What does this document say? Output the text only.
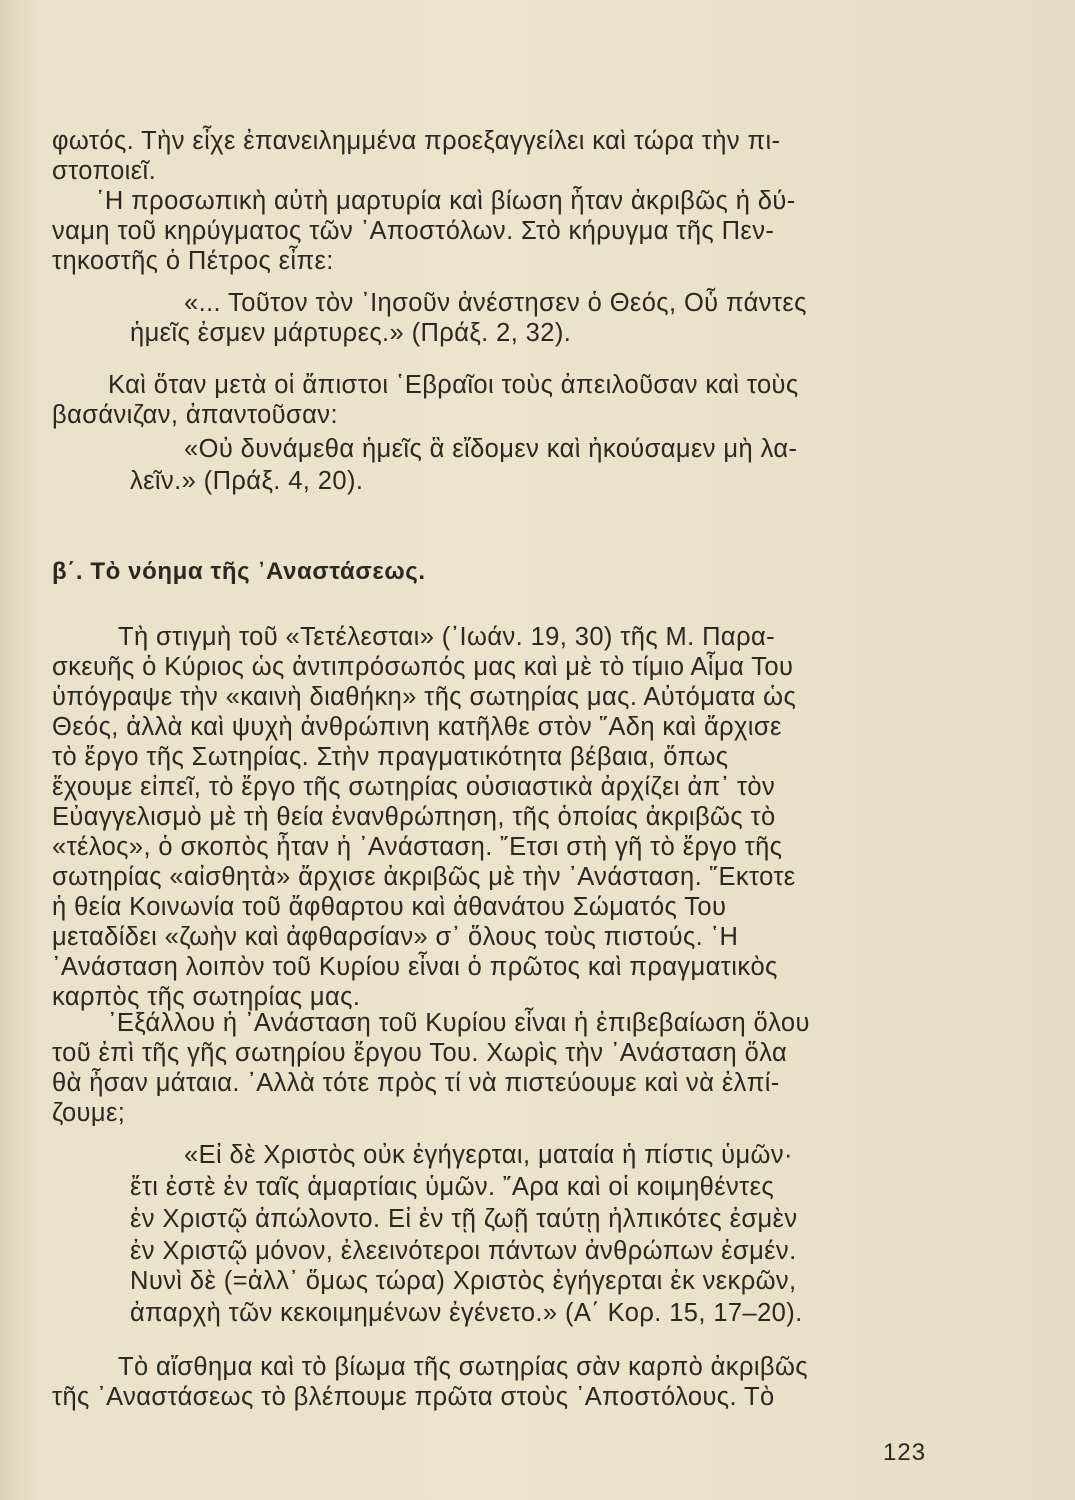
φωτός. Τὴν εἶχε ἐπανειλημμένα προεξαγγείλει καὶ τώρα τὴν πι-
στοποιεῖ.
῾Η προσωπικὴ αὐτὴ μαρτυρία καὶ βίωση ἦταν ἀκριβῶς ἡ δύ-
ναμη τοῦ κηρύγματος τῶν ᾿Αποστόλων. Στὸ κήρυγμα τῆς Πεν-
τηκοστῆς ὁ Πέτρος εἶπε:
«... Τοῦτον τὸν ᾿Ιησοῦν ἀνέστησεν ὁ Θεός, Οὗ πάντες
ἡμεῖς ἐσμεν μάρτυρες.» (Πράξ. 2, 32).
Καὶ ὅταν μετὰ οἱ ἄπιστοι ῾Εβραῖοι τοὺς ἀπειλοῦσαν καὶ τοὺς
βασάνιζαν, ἀπαντοῦσαν:
«Οὐ δυνάμεθα ἡμεῖς ἃ εἴδομεν καὶ ἠκούσαμεν μὴ λα-
λεῖν.» (Πράξ. 4, 20).
β΄. Τὸ νόημα τῆς ᾿Αναστάσεως.
Τὴ στιγμὴ τοῦ «Τετέλεσται» (᾿Ιωάν. 19, 30) τῆς Μ. Παρα-
σκευῆς ὁ Κύριος ὡς ἀντιπρόσωπός μας καὶ μὲ τὸ τίμιο Αἷμα Του
ὑπόγραψε τὴν «καινὴ διαθήκη» τῆς σωτηρίας μας. Αὐτόματα ὡς
Θεός, ἀλλὰ καὶ ψυχὴ ἀνθρώπινη κατῆλθε στὸν ῞Αδη καὶ ἄρχισε
τὸ ἔργο τῆς Σωτηρίας. Στὴν πραγματικότητα βέβαια, ὅπως
ἔχουμε εἰπεῖ, τὸ ἔργο τῆς σωτηρίας οὐσιαστικὰ ἀρχίζει ἀπ᾿ τὸν
Εὐαγγελισμὸ μὲ τὴ θεία ἐνανθρώπηση, τῆς ὁποίας ἀκριβῶς τὸ
«τέλος», ὁ σκοπὸς ἦταν ἡ ᾿Ανάσταση. ῎Ετσι στὴ γῆ τὸ ἔργο τῆς
σωτηρίας «αἰσθητὰ» ἄρχισε ἀκριβῶς μὲ τὴν ᾿Ανάσταση. ῞Εκτοτε
ἡ θεία Κοινωνία τοῦ ἄφθαρτου καὶ ἀθανάτου Σώματός Του
μεταδίδει «ζωὴν καὶ ἀφθαρσίαν» σ᾿ ὅλους τοὺς πιστούς. ῾Η
᾿Ανάσταση λοιπὸν τοῦ Κυρίου εἶναι ὁ πρῶτος καὶ πραγματικὸς
καρπὸς τῆς σωτηρίας μας.
᾿Εξάλλου ἡ ᾿Ανάσταση τοῦ Κυρίου εἶναι ἡ ἐπιβεβαίωση ὅλου
τοῦ ἐπὶ τῆς γῆς σωτηρίου ἔργου Του. Χωρὶς τὴν ᾿Ανάσταση ὅλα
θὰ ἦσαν μάταια. ᾿Αλλὰ τότε πρὸς τί νὰ πιστεύουμε καὶ νὰ ἐλπί-
ζουμε;
«Εἰ δὲ Χριστὸς οὐκ ἐγήγερται, ματαία ἡ πίστις ὑμῶν·
ἔτι ἐστὲ ἐν ταῖς ἁμαρτίαις ὑμῶν. ῎Αρα καὶ οἱ κοιμηθέντες
ἐν Χριστῷ ἀπώλοντο. Εἰ ἐν τῇ ζωῇ ταύτῃ ἠλπικότες ἐσμὲν
ἐν Χριστῷ μόνον, ἐλεεινότεροι πάντων ἀνθρώπων ἐσμέν.
Νυνὶ δὲ (=ἀλλ᾿ ὅμως τώρα) Χριστὸς ἐγήγερται ἐκ νεκρῶν,
ἀπαρχὴ τῶν κεκοιμημένων ἐγένετο.» (Α΄ Κορ. 15, 17–20).
Τὸ αἴσθημα καὶ τὸ βίωμα τῆς σωτηρίας σὰν καρπὸ ἀκριβῶς
τῆς ᾿Αναστάσεως τὸ βλέπουμε πρῶτα στοὺς ᾿Αποστόλους. Τὸ
123
